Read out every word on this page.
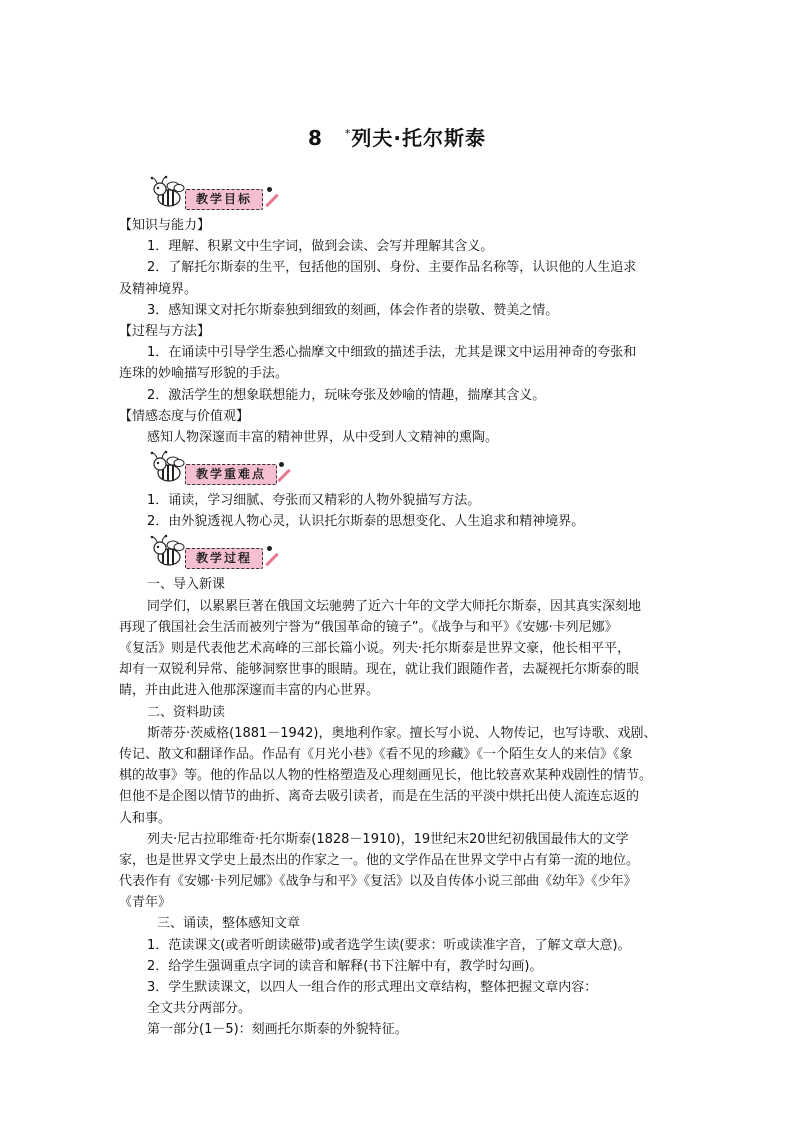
8 *列夫·托尔斯泰
教学目标
【知识与能力】
1．理解、积累文中生字词，做到会读、会写并理解其含义。
2．了解托尔斯泰的生平，包括他的国别、身份、主要作品名称等，认识他的人生追求
及精神境界。
3．感知课文对托尔斯泰独到细致的刻画，体会作者的崇敬、赞美之情。
【过程与方法】
1．在诵读中引导学生悉心揣摩文中细致的描述手法，尤其是课文中运用神奇的夸张和
连珠的妙喻描写形貌的手法。
2．激活学生的想象联想能力，玩味夸张及妙喻的情趣，揣摩其含义。
【情感态度与价值观】
感知人物深邃而丰富的精神世界，从中受到人文精神的熏陶。
教学重难点
1．诵读，学习细腻、夸张而又精彩的人物外貌描写方法。
2．由外貌透视人物心灵，认识托尔斯泰的思想变化、人生追求和精神境界。
教学过程
一、导入新课
同学们，以累累巨著在俄国文坛驰骋了近六十年的文学大师托尔斯泰，因其真实深刻地
再现了俄国社会生活而被列宁誉为“俄国革命的镜子”。《战争与和平》《安娜·卡列尼娜》
《复活》则是代表他艺术高峰的三部长篇小说。列夫·托尔斯泰是世界文豪，他长相平平，
却有一双锐利异常、能够洞察世事的眼睛。现在，就让我们跟随作者，去凝视托尔斯泰的眼
睛，并由此进入他那深邃而丰富的内心世界。
二、资料助读
斯蒂芬·茨威格(1881－1942)，奥地利作家。擅长写小说、人物传记，也写诗歌、戏剧、
传记、散文和翻译作品。作品有《月光小巷》《看不见的珍藏》《一个陌生女人的来信》《象
棋的故事》等。他的作品以人物的性格塑造及心理刻画见长，他比较喜欢某种戏剧性的情节。
但他不是企图以情节的曲折、离奇去吸引读者，而是在生活的平淡中烘托出使人流连忘返的
人和事。
列夫·尼古拉耶维奇·托尔斯泰(1828－1910)，19世纪末20世纪初俄国最伟大的文学
家，也是世界文学史上最杰出的作家之一。他的文学作品在世界文学中占有第一流的地位。
代表作有《安娜·卡列尼娜》《战争与和平》《复活》以及自传体小说三部曲《幼年》《少年》
《青年》
三、诵读，整体感知文章
1．范读课文(或者听朗读磁带)或者选学生读(要求：听或读准字音，了解文章大意)。
2．给学生强调重点字词的读音和解释(书下注解中有，教学时勾画)。
3．学生默读课文，以四人一组合作的形式理出文章结构，整体把握文章内容：
全文共分两部分。
第一部分(1－5)：刻画托尔斯泰的外貌特征。
